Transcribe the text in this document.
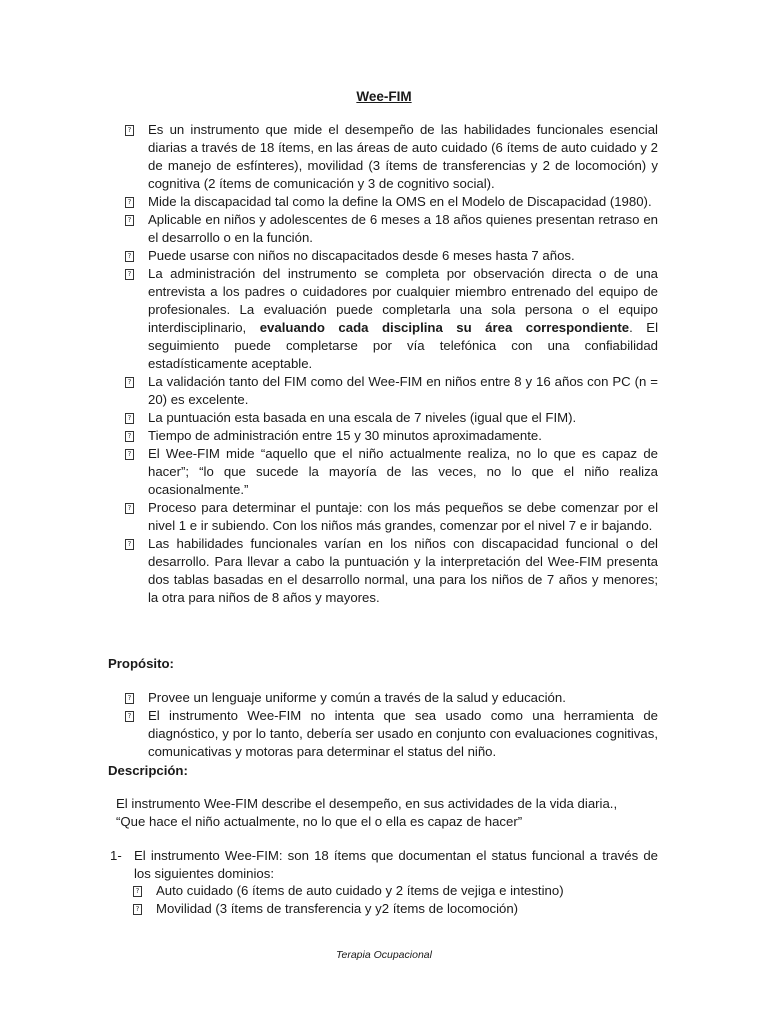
Wee-FIM
? Es un instrumento que mide el desempeño de las habilidades funcionales esencial diarias a través de 18 ítems, en las áreas de auto cuidado (6 ítems de auto cuidado y 2 de manejo de esfínteres), movilidad (3 ítems de transferencias y 2 de locomoción) y cognitiva (2 ítems de comunicación y 3 de cognitivo social).
? Mide la discapacidad tal como la define la OMS en el Modelo de Discapacidad (1980).
? Aplicable en niños y adolescentes de 6 meses a 18 años quienes presentan retraso en el desarrollo o en la función.
? Puede usarse con niños no discapacitados desde 6 meses hasta 7 años.
? La administración del instrumento se completa por observación directa o de una entrevista a los padres o cuidadores por cualquier miembro entrenado del equipo de profesionales. La evaluación puede completarla una sola persona o el equipo interdisciplinario, evaluando cada disciplina su área correspondiente. El seguimiento puede completarse por vía telefónica con una confiabilidad estadísticamente aceptable.
? La validación tanto del FIM como del Wee-FIM en niños entre 8 y 16 años con PC (n = 20) es excelente.
? La puntuación esta basada en una escala de 7 niveles (igual que el FIM).
? Tiempo de administración entre 15 y 30 minutos aproximadamente.
? El Wee-FIM mide “aquello que el niño actualmente realiza, no lo que es capaz de hacer”; “lo que sucede la mayoría de las veces, no lo que el niño realiza ocasionalmente.”
? Proceso para determinar el puntaje: con los más pequeños se debe comenzar por el nivel 1 e ir subiendo. Con los niños más grandes, comenzar por el nivel 7 e ir bajando.
? Las habilidades funcionales varían en los niños con discapacidad funcional o del desarrollo. Para llevar a cabo la puntuación y la interpretación del Wee-FIM presenta dos tablas basadas en el desarrollo normal, una para los niños de 7 años y menores; la otra para niños de 8 años y mayores.
Propósito:
? Provee un lenguaje uniforme y común a través de la salud y educación.
? El instrumento Wee-FIM no intenta que sea usado como una herramienta de diagnóstico, y por lo tanto, debería ser usado en conjunto con evaluaciones cognitivas, comunicativas y motoras para determinar el status del niño.
Descripción:
El instrumento Wee-FIM describe el desempeño, en sus actividades de la vida diaria.,
“Que hace el niño actualmente, no lo que el o ella es capaz de hacer”
1- El instrumento Wee-FIM: son 18 ítems que documentan el status funcional a través de los siguientes dominios:
? Auto cuidado (6 ítems de auto cuidado y 2 ítems de vejiga e intestino)
? Movilidad (3 ítems de transferencia y y2 ítems de locomoción)
Terapia Ocupacional
